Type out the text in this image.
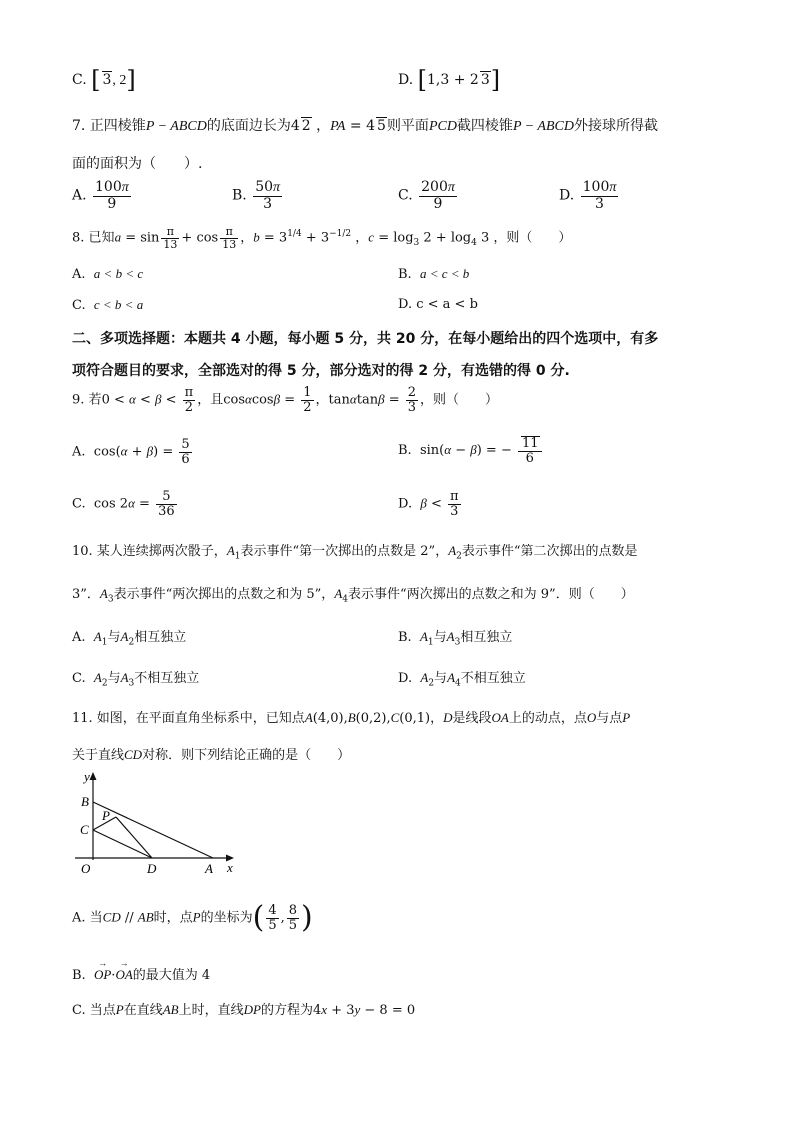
C. [ 3, 2]	D. [1,3 + 2 3]
7. 正四棱锥P − ABCD的底面边长为4 2 ，PA = 4 5则平面PCD截四棱锥P − ABCD外接球所得截
面的面积为（　　）.
A. $\frac{100\pi}{9}$	B. $\frac{50\pi}{3}$	C. $\frac{200\pi}{9}$	D. $\frac{100\pi}{3}$
8. 已知$a = \sin \frac{\pi}{13} + \cos \frac{\pi}{13}$ ，$b = 3^{1/4} + 3^{-1/2}$ ，$c = \log_3 2 + \log_4 3$ ，则（　　）
A. a < b < c	B. a < c < b
C. c < b < a	D. c < a < b
二、多项选择题：本题共 4 小题，每小题 5 分，共 20 分，在每小题给出的四个选项中，有多
项符合题目的要求，全部选对的得 5 分，部分选对的得 2 分，有选错的得 0 分.
9. 若$0 < \alpha < \beta < \frac{\pi}{2}$ ，且$\cos\alpha\cos\beta = \frac{1}{2}$ ，$\tan\alpha\tan\beta = \frac{2}{3}$ ，则（　　）
A.  $\cos(\alpha + \beta) = \frac{5}{6}$	B.  sin(α − β) = − $\frac{11}{6}$
C.  $\cos 2\alpha = \frac{5}{36}$	D. $\beta < \frac{\pi}{3}$
10. 某人连续掷两次骰子，$A_1$表示事件“第一次掷出的点数是 2”，$A_2$表示事件“第二次掷出的点数是
3”．$A_3$表示事件“两次掷出的点数之和为 5”，$A_4$表示事件“两次掷出的点数之和为 9”．则（　　）
A. $A_1$与$A_2$相互独立	B. $A_1$与$A_3$相互独立
C. $A_2$与$A_3$不相互独立	D. $A_2$与$A_4$不相互独立
11. 如图，在平面直角坐标系中，已知点A(4,0),B(0,2),C(0,1)，D是线段OA上的动点，点O与点P
关于直线CD对称．则下列结论正确的是（　　）
y
B
P
C
O	D	A x
A. 当CD // AB时，点P的坐标为( $\frac{4}{5}$ , $\frac{8}{5}$ )
B.  → OP·→ OA的最大值为 4
C. 当点P在直线AB上时，直线DP的方程为4x + 3y − 8 = 0
